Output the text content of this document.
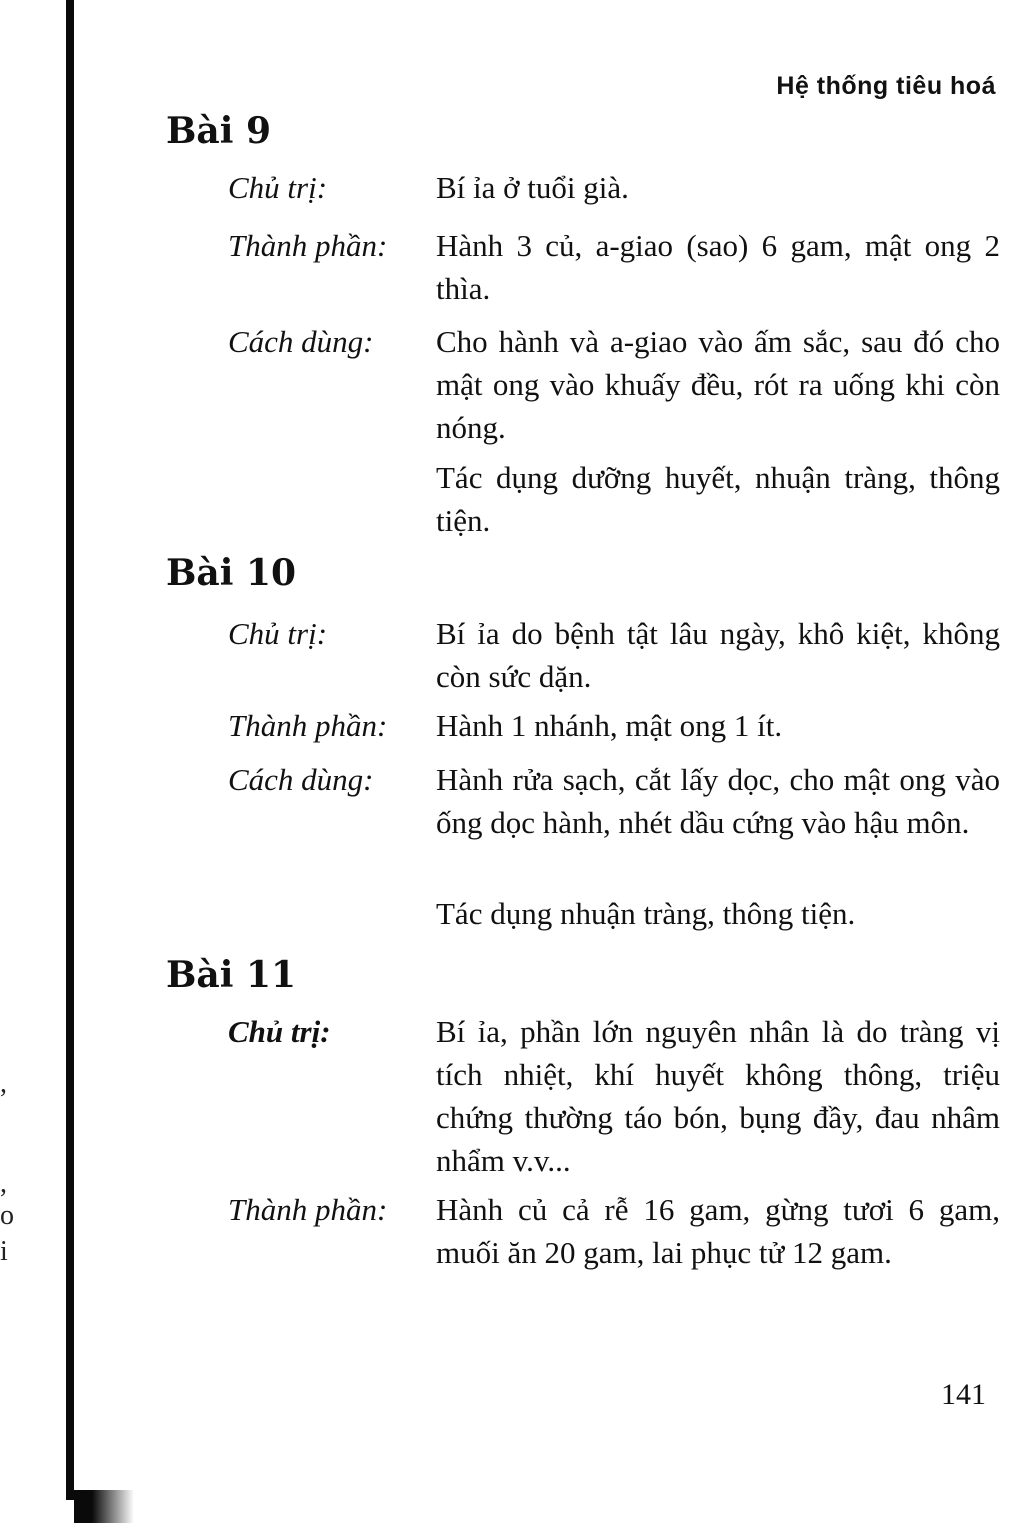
,
,
o
i
Hệ thống tiêu hoá
Bài 9
Chủ trị:	Bí ỉa ở tuổi già.
Thành phần:	Hành 3 củ, a-giao (sao) 6 gam, mật ong 2 thìa.
Cách dùng:	Cho hành và a-giao vào ấm sắc, sau đó cho mật ong vào khuấy đều, rót ra uống khi còn nóng.
Tác dụng dưỡng huyết, nhuận tràng, thông tiện.
Bài 10
Chủ trị:	Bí ỉa do bệnh tật lâu ngày, khô kiệt, không còn sức dặn.
Thành phần:	Hành 1 nhánh, mật ong 1 ít.
Cách dùng:	Hành rửa sạch, cắt lấy dọc, cho mật ong vào ống dọc hành, nhét dầu cứng vào hậu môn.
Tác dụng nhuận tràng, thông tiện.
Bài 11
Chủ trị:	Bí ỉa, phần lớn nguyên nhân là do tràng vị tích nhiệt, khí huyết không thông, triệu chứng thường táo bón, bụng đầy, đau nhâm nhẩm v.v...
Thành phần:	Hành củ cả rễ 16 gam, gừng tươi 6 gam, muối ăn 20 gam, lai phục tử 12 gam.
141
